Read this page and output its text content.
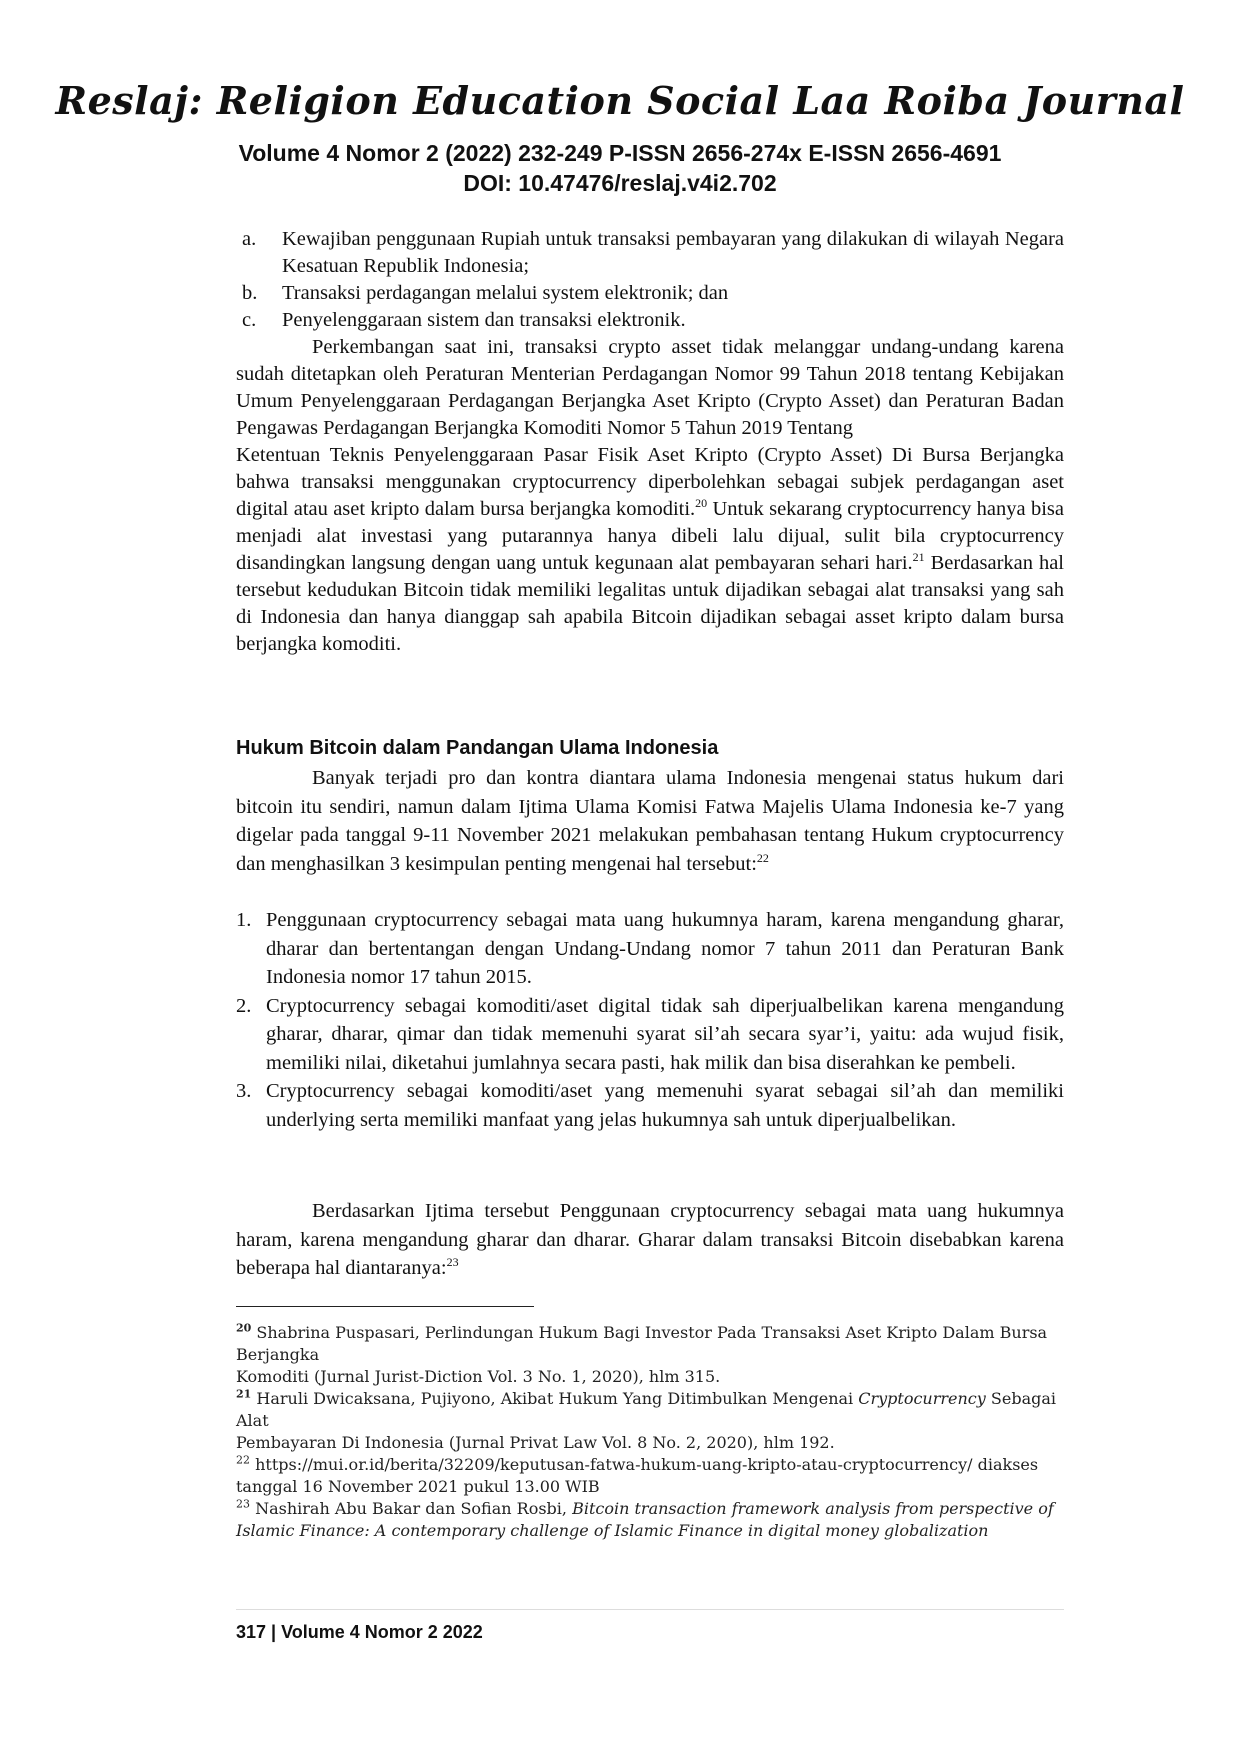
Reslaj: Religion Education Social Laa Roiba Journal
Volume 4 Nomor 2 (2022) 232-249 P-ISSN 2656-274x E-ISSN 2656-4691
DOI: 10.47476/reslaj.v4i2.702

a. Kewajiban penggunaan Rupiah untuk transaksi pembayaran yang dilakukan di wilayah Negara Kesatuan Republik Indonesia;

b. Transaksi perdagangan melalui system elektronik; dan

c. Penyelenggaraan sistem dan transaksi elektronik.

Perkembangan saat ini, transaksi crypto asset tidak melanggar undang-undang karena sudah ditetapkan oleh Peraturan Menterian Perdagangan Nomor 99 Tahun 2018 tentang Kebijakan Umum Penyelenggaraan Perdagangan Berjangka Aset Kripto (Crypto Asset) dan Peraturan Badan Pengawas Perdagangan Berjangka Komoditi Nomor 5 Tahun 2019 Tentang

Ketentuan Teknis Penyelenggaraan Pasar Fisik Aset Kripto (Crypto Asset) Di Bursa Berjangka bahwa transaksi menggunakan cryptocurrency diperbolehkan sebagai subjek perdagangan aset digital atau aset kripto dalam bursa berjangka komoditi.$^{20}$ Untuk sekarang cryptocurrency hanya bisa menjadi alat investasi yang putarannya hanya dibeli lalu dijual, sulit bila cryptocurrency disandingkan langsung dengan uang untuk kegunaan alat pembayaran sehari hari.$^{21}$ Berdasarkan hal tersebut kedudukan Bitcoin tidak memiliki legalitas untuk dijadikan sebagai alat transaksi yang sah di Indonesia dan hanya dianggap sah apabila Bitcoin dijadikan sebagai asset kripto dalam bursa berjangka komoditi.

Hukum Bitcoin dalam Pandangan Ulama Indonesia

Banyak terjadi pro dan kontra diantara ulama Indonesia mengenai status hukum dari bitcoin itu sendiri, namun dalam Ijtima Ulama Komisi Fatwa Majelis Ulama Indonesia ke-7 yang digelar pada tanggal 9-11 November 2021 melakukan pembahasan tentang Hukum cryptocurrency dan menghasilkan 3 kesimpulan penting mengenai hal tersebut:$^{22}$

1. Penggunaan cryptocurrency sebagai mata uang hukumnya haram, karena mengandung gharar, dharar dan bertentangan dengan Undang-Undang nomor 7 tahun 2011 dan Peraturan Bank Indonesia nomor 17 tahun 2015.

2. Cryptocurrency sebagai komoditi/aset digital tidak sah diperjualbelikan karena mengandung gharar, dharar, qimar dan tidak memenuhi syarat sil’ah secara syar’i, yaitu: ada wujud fisik, memiliki nilai, diketahui jumlahnya secara pasti, hak milik dan bisa diserahkan ke pembeli.

3. Cryptocurrency sebagai komoditi/aset yang memenuhi syarat sebagai sil’ah dan memiliki underlying serta memiliki manfaat yang jelas hukumnya sah untuk diperjualbelikan.

Berdasarkan Ijtima tersebut Penggunaan cryptocurrency sebagai mata uang hukumnya haram, karena mengandung gharar dan dharar. Gharar dalam transaksi Bitcoin disebabkan karena beberapa hal diantaranya:$^{23}$

$^{20}$ Shabrina Puspasari, Perlindungan Hukum Bagi Investor Pada Transaksi Aset Kripto Dalam Bursa Berjangka

Komoditi (Jurnal Jurist-Diction Vol. 3 No. 1, 2020), hlm 315.

$^{21}$ Haruli Dwicaksana, Pujiyono, Akibat Hukum Yang Ditimbulkan Mengenai Cryptocurrency Sebagai Alat

Pembayaran Di Indonesia (Jurnal Privat Law Vol. 8 No. 2, 2020), hlm 192.

$^{22}$ https://mui.or.id/berita/32209/keputusan-fatwa-hukum-uang-kripto-atau-cryptocurrency/ diakses tanggal 16 November 2021 pukul 13.00 WIB

$^{23}$ Nashirah Abu Bakar dan Sofian Rosbi, Bitcoin transaction framework analysis from perspective of Islamic Finance: A contemporary challenge of Islamic Finance in digital money globalization

317 | Volume 4 Nomor 2 2022
